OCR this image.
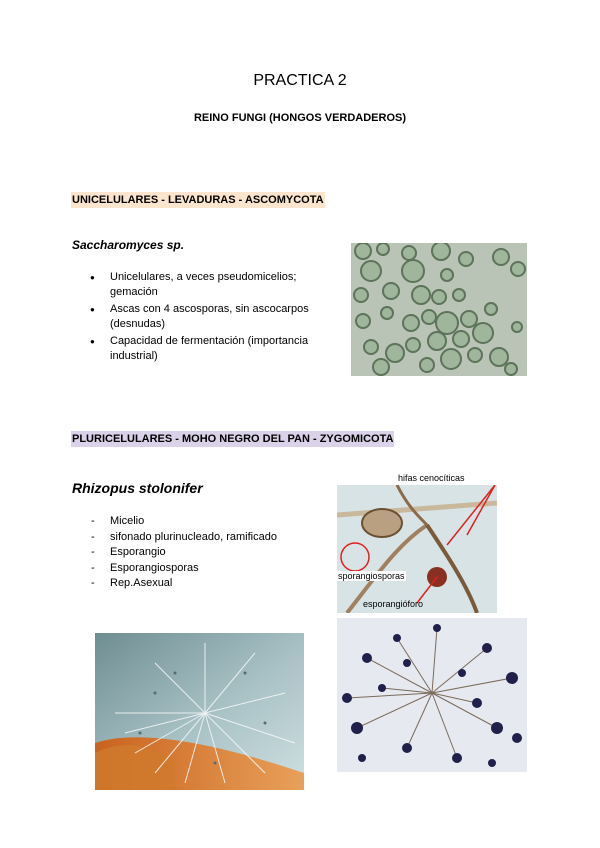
PRACTICA 2
REINO FUNGI (HONGOS VERDADEROS)
UNICELULARES - LEVADURAS - ASCOMYCOTA
Saccharomyces sp.
● Unicelulares, a veces pseudomicelios; gemación
● Ascas con 4 ascosporas, sin ascocarpos (desnudas)
● Capacidad de fermentación (importancia industrial)
PLURICELULARES - MOHO NEGRO DEL PAN - ZYGOMICOTA
Rhizopus stolonifer
- Micelio
- sifonado plurinucleado, ramificado
- Esporangio
- Esporangiosporas
- Rep.Asexual
hifas cenocíticas
sporangiosporas
esporangióforo
